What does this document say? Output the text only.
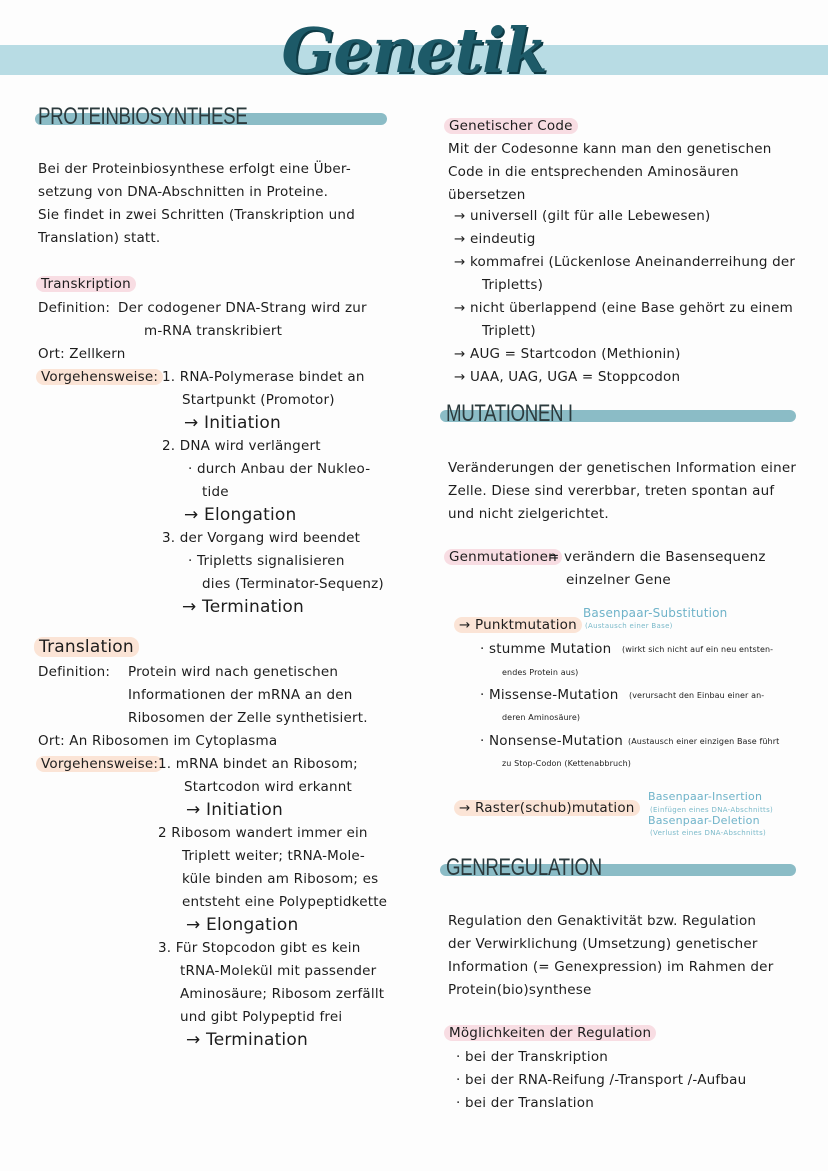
Genetik
PROTEINBIOSYNTHESE
Bei der Proteinbiosynthese erfolgt eine Über-
setzung von DNA-Abschnitten in Proteine.
Sie findet in zwei Schritten (Transkription und
Translation) statt.
Transkription
Definition: Der codogener DNA-Strang wird zur
m-RNA transkribiert
Ort: Zellkern
Vorgehensweise: 1. RNA-Polymerase bindet an
Startpunkt (Promotor)
→ Initiation
2. DNA wird verlängert
· durch Anbau der Nukleo-
tide
→ Elongation
3. der Vorgang wird beendet
· Tripletts signalisieren
dies (Terminator-Sequenz)
→ Termination
Translation
Definition: Protein wird nach genetischen
Informationen der mRNA an den
Ribosomen der Zelle synthetisiert.
Ort: An Ribosomen im Cytoplasma
Vorgehensweise: 1. mRNA bindet an Ribosom;
Startcodon wird erkannt
→ Initiation
2 Ribosom wandert immer ein
Triplett weiter; tRNA-Mole-
küle binden am Ribosom; es
entsteht eine Polypeptidkette
→ Elongation
3. Für Stopcodon gibt es kein
tRNA-Molekül mit passender
Aminosäure; Ribosom zerfällt
und gibt Polypeptid frei
→ Termination
Genetischer Code
Mit der Codesonne kann man den genetischen
Code in die entsprechenden Aminosäuren
übersetzen
→ universell (gilt für alle Lebewesen)
→ eindeutig
→ kommafrei (Lückenlose Aneinanderreihung der
Tripletts)
→ nicht überlappend (eine Base gehört zu einem
Triplett)
→ AUG = Startcodon (Methionin)
→ UAA, UAG, UGA = Stoppcodon
MUTATIONEN I
Veränderungen der genetischen Information einer
Zelle. Diese sind vererbbar, treten spontan auf
und nicht zielgerichtet.
Genmutationen
= verändern die Basensequenz
einzelner Gene
→ Punktmutation
Basenpaar-Substitution
(Austausch einer Base)
· stumme Mutation (wirkt sich nicht auf ein neu entsten-
endes Protein aus)
· Missense-Mutation (verursacht den Einbau einer an-
deren Aminosäure)
· Nonsense-Mutation (Austausch einer einzigen Base führt
zu Stop-Codon (Kettenabbruch)
→ Raster(schub)mutation
Basenpaar-Insertion
(Einfügen eines DNA-Abschnitts)
Basenpaar-Deletion
(Verlust eines DNA-Abschnitts)
GENREGULATION
Regulation den Genaktivität bzw. Regulation
der Verwirklichung (Umsetzung) genetischer
Information (= Genexpression) im Rahmen der
Protein(bio)synthese
Möglichkeiten der Regulation
· bei der Transkription
· bei der RNA-Reifung /-Transport /-Aufbau
· bei der Translation
